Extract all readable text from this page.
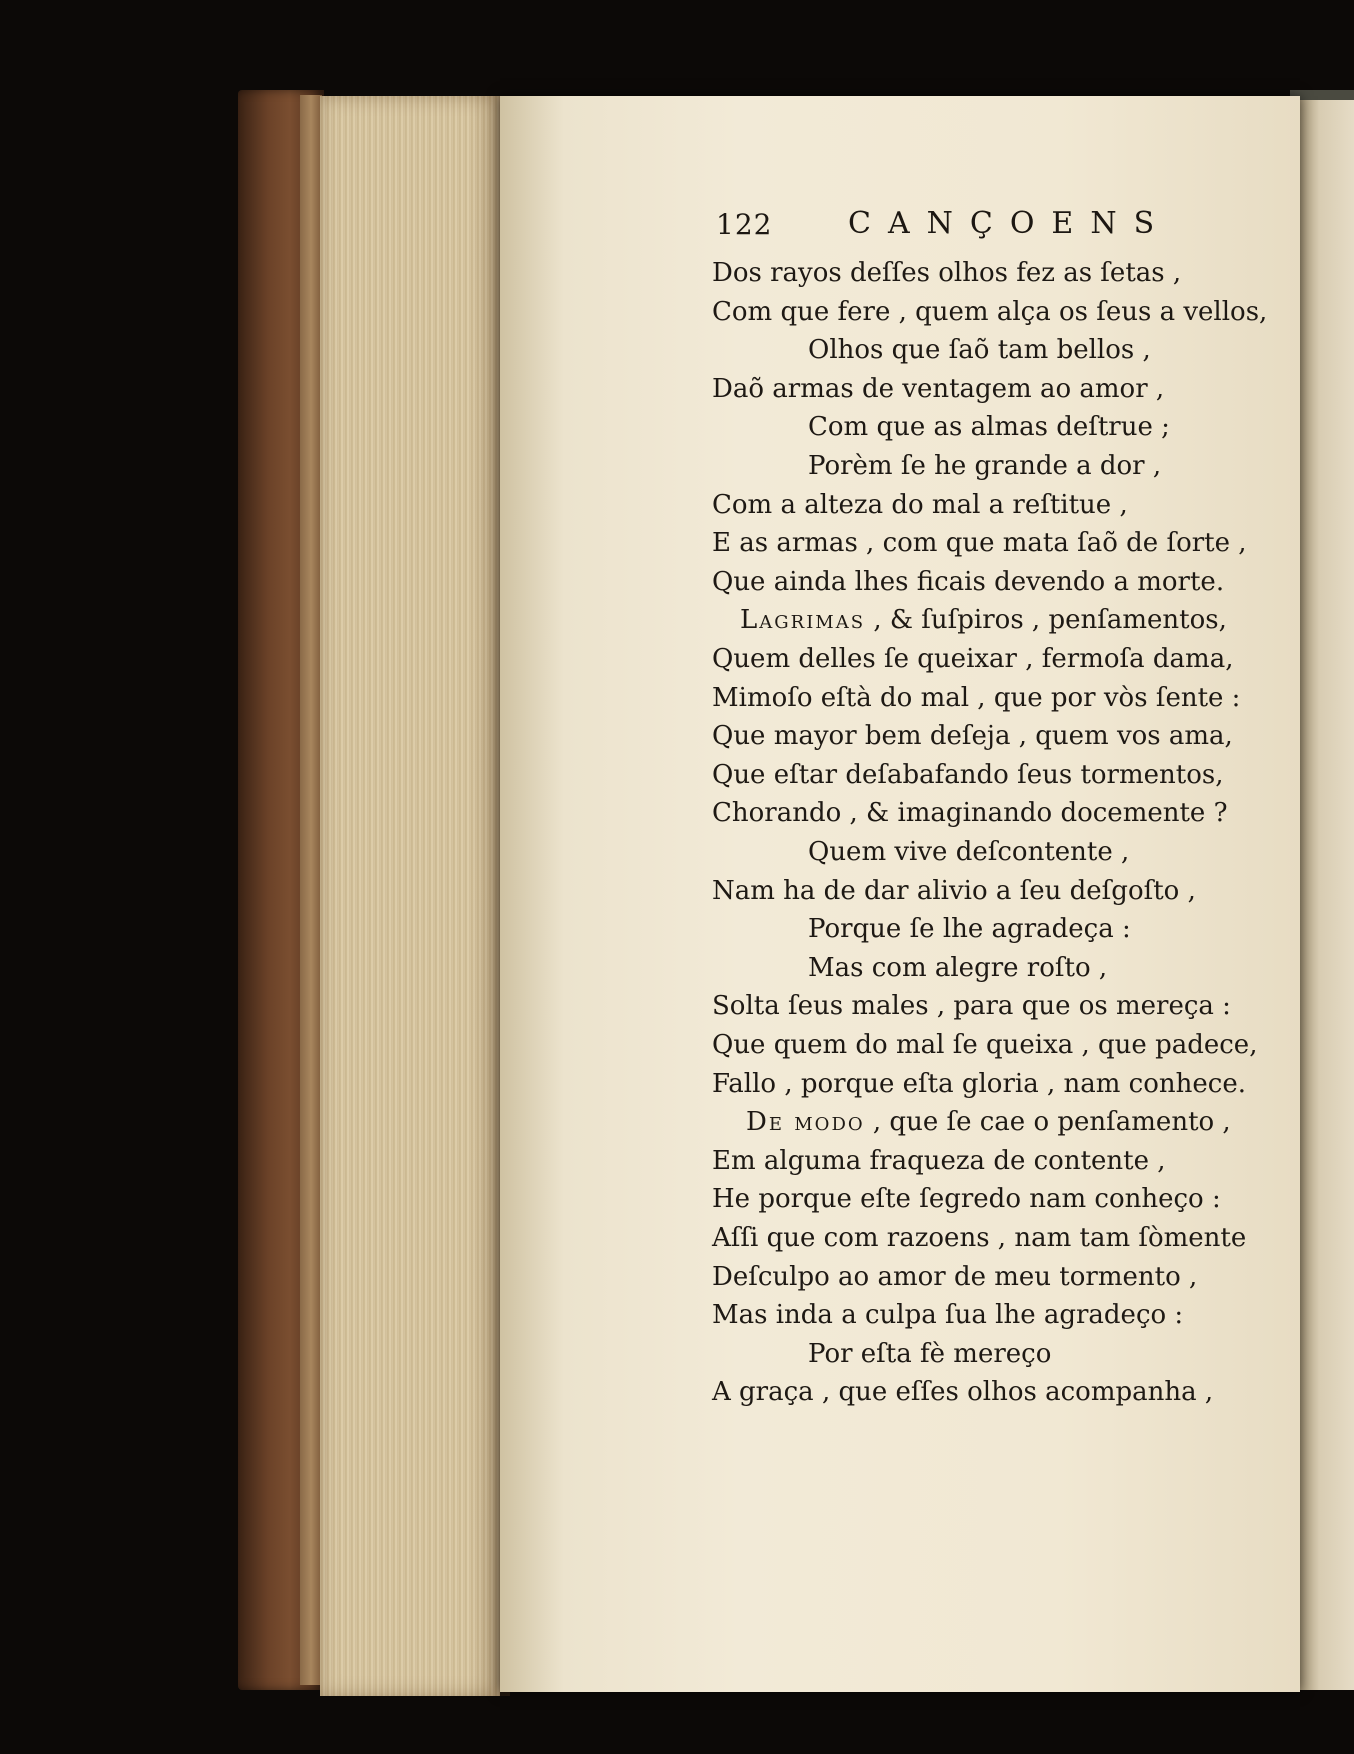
122	CANÇOENS
Dos rayos deſſes olhos fez as ſetas ,
Com que fere , quem alça os ſeus a vellos,
Olhos que ſaõ tam bellos ,
Daõ armas de ventagem ao amor ,
Com que as almas deſtrue ;
Porèm ſe he grande a dor ,
Com a alteza do mal a reſtitue ,
E as armas , com que mata ſaõ de ſorte ,
Que ainda lhes ficais devendo a morte.
Lagrimas , & ſuſpiros , penſamentos,
Quem delles ſe queixar , fermoſa dama,
Mimoſo eſtà do mal , que por vòs ſente :
Que mayor bem deſeja , quem vos ama,
Que eſtar deſabafando ſeus tormentos,
Chorando , & imaginando docemente ?
Quem vive deſcontente ,
Nam ha de dar alivio a ſeu deſgoſto ,
Porque ſe lhe agradeça :
Mas com alegre roſto ,
Solta ſeus males , para que os mereça :
Que quem do mal ſe queixa , que padece,
Fallo , porque eſta gloria , nam conhece.
De modo , que ſe cae o penſamento ,
Em alguma fraqueza de contente ,
He porque eſte ſegredo nam conheço :
Aſſi que com razoens , nam tam ſòmente
Deſculpo ao amor de meu tormento ,
Mas inda a culpa ſua lhe agradeço :
Por eſta fè mereço
A graça , que eſſes olhos acompanha ,
